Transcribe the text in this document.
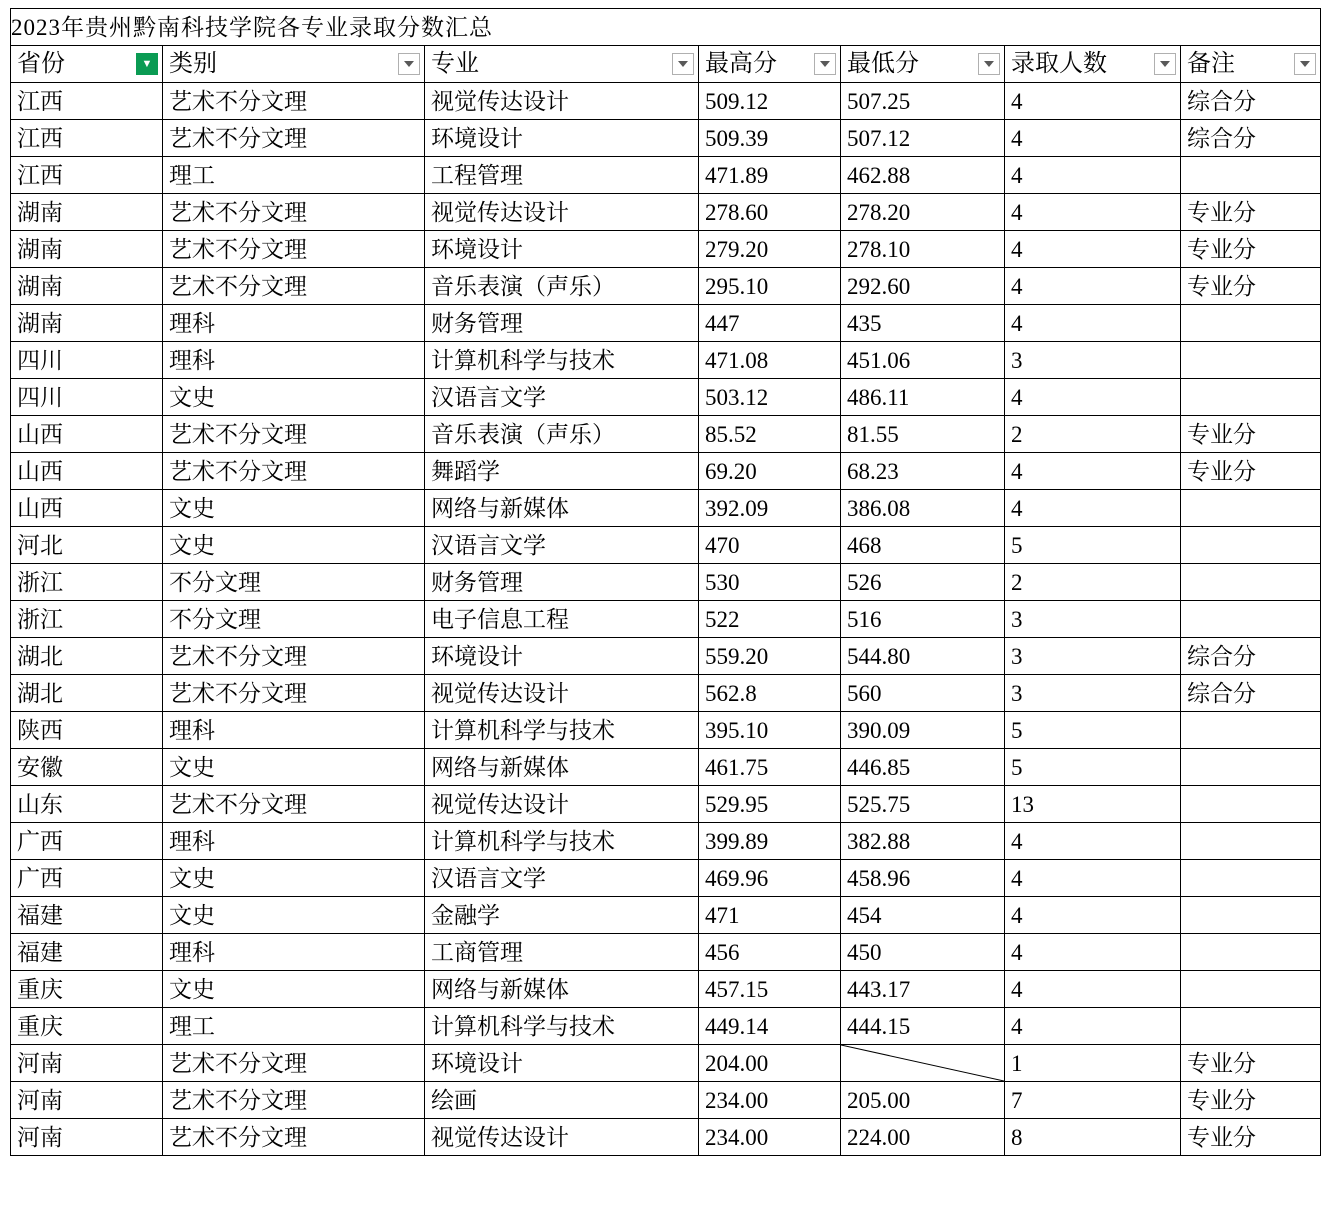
2023年贵州黔南科技学院各专业录取分数汇总						
省份 ▼	类别	专业	最高分	最低分	录取人数	备注

江西	艺术不分文理	视觉传达设计	509.12	507.25	4	综合分
江西	艺术不分文理	环境设计	509.39	507.12	4	综合分
江西	理工	工程管理	471.89	462.88	4	
湖南	艺术不分文理	视觉传达设计	278.60	278.20	4	专业分
湖南	艺术不分文理	环境设计	279.20	278.10	4	专业分
湖南	艺术不分文理	音乐表演（声乐）	295.10	292.60	4	专业分
湖南	理科	财务管理	447	435	4	
四川	理科	计算机科学与技术	471.08	451.06	3	
四川	文史	汉语言文学	503.12	486.11	4	
山西	艺术不分文理	音乐表演（声乐）	85.52	81.55	2	专业分
山西	艺术不分文理	舞蹈学	69.20	68.23	4	专业分
山西	文史	网络与新媒体	392.09	386.08	4	
河北	文史	汉语言文学	470	468	5	
浙江	不分文理	财务管理	530	526	2	
浙江	不分文理	电子信息工程	522	516	3	
湖北	艺术不分文理	环境设计	559.20	544.80	3	综合分
湖北	艺术不分文理	视觉传达设计	562.8	560	3	综合分
陕西	理科	计算机科学与技术	395.10	390.09	5	
安徽	文史	网络与新媒体	461.75	446.85	5	
山东	艺术不分文理	视觉传达设计	529.95	525.75	13	
广西	理科	计算机科学与技术	399.89	382.88	4	
广西	文史	汉语言文学	469.96	458.96	4	
福建	文史	金融学	471	454	4	
福建	理科	工商管理	456	450	4	
重庆	文史	网络与新媒体	457.15	443.17	4	
重庆	理工	计算机科学与技术	449.14	444.15	4	
河南	艺术不分文理	环境设计	204.00		1	专业分
河南	艺术不分文理	绘画	234.00	205.00	7	专业分
河南	艺术不分文理	视觉传达设计	234.00	224.00	8	专业分
